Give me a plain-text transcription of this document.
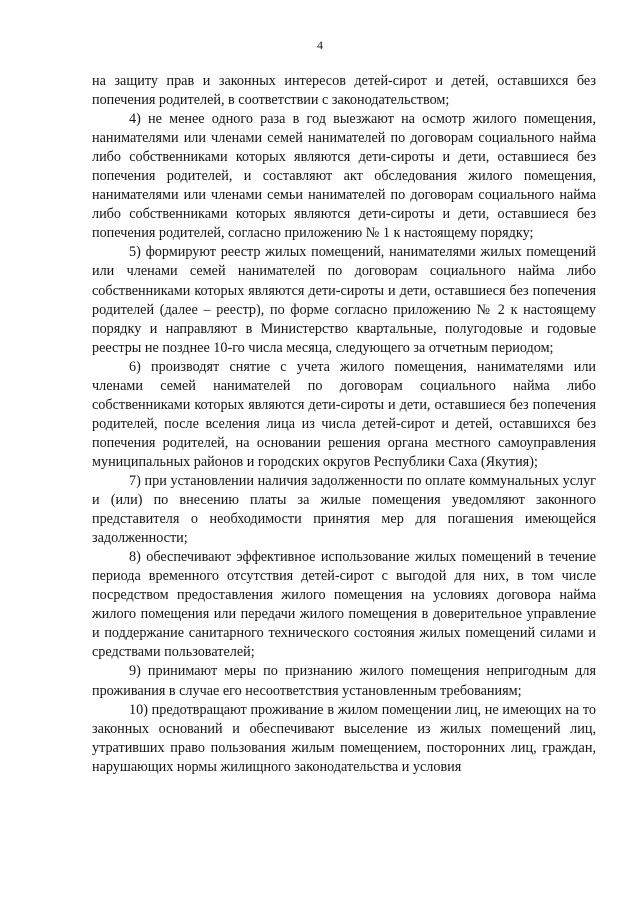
4

на защиту прав и законных интересов детей-сирот и детей, оставшихся без попечения родителей, в соответствии с законодательством;

4) не менее одного раза в год выезжают на осмотр жилого помещения, нанимателями или членами семей нанимателей по договорам социального найма либо собственниками которых являются дети-сироты и дети, оставшиеся без попечения родителей, и составляют акт обследования жилого помещения, нанимателями или членами семьи нанимателей по договорам социального найма либо собственниками которых являются дети-сироты и дети, оставшиеся без попечения родителей, согласно приложению № 1 к настоящему порядку;

5) формируют реестр жилых помещений, нанимателями жилых помещений или членами семей нанимателей по договорам социального найма либо собственниками которых являются дети-сироты и дети, оставшиеся без попечения родителей (далее – реестр), по форме согласно приложению № 2 к настоящему порядку и направляют в Министерство квартальные, полугодовые и годовые реестры не позднее 10-го числа месяца, следующего за отчетным периодом;

6) производят снятие с учета жилого помещения, нанимателями или членами семей нанимателей по договорам социального найма либо собственниками которых являются дети-сироты и дети, оставшиеся без попечения родителей, после вселения лица из числа детей-сирот и детей, оставшихся без попечения родителей, на основании решения органа местного самоуправления муниципальных районов и городских округов Республики Саха (Якутия);

7) при установлении наличия задолженности по оплате коммунальных услуг и (или) по внесению платы за жилые помещения уведомляют законного представителя о необходимости принятия мер для погашения имеющейся задолженности;

8) обеспечивают эффективное использование жилых помещений в течение периода временного отсутствия детей-сирот с выгодой для них, в том числе посредством предоставления жилого помещения на условиях договора найма жилого помещения или передачи жилого помещения в доверительное управление и поддержание санитарного технического состояния жилых помещений силами и средствами пользователей;

9) принимают меры по признанию жилого помещения непригодным для проживания в случае его несоответствия установленным требованиям;

10) предотвращают проживание в жилом помещении лиц, не имеющих на то законных оснований и обеспечивают выселение из жилых помещений лиц, утративших право пользования жилым помещением, посторонних лиц, граждан, нарушающих нормы жилищного законодательства и условия
